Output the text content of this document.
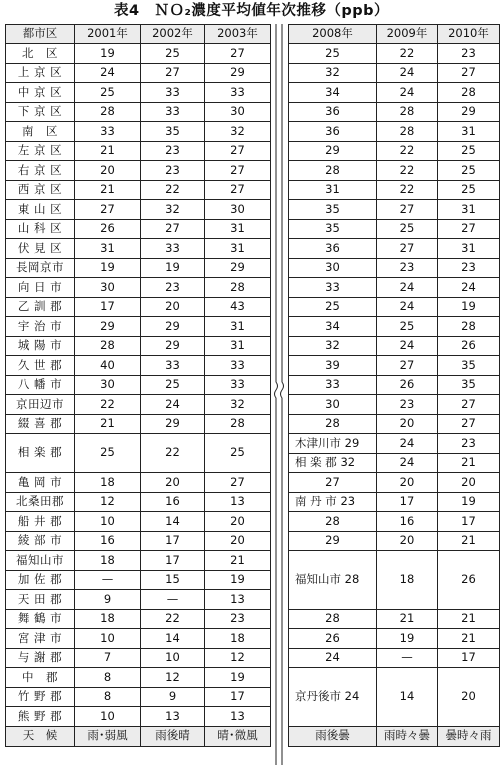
表4　ＮＯ₂濃度平均値年次推移（ppb）
都市区	2001年	2002年	2003年
北　区	19	25	27
上 京 区	24	27	29
中 京 区	25	33	33
下 京 区	28	33	30
南　区	33	35	32
左 京 区	21	23	27
右 京 区	20	23	27
西 京 区	21	22	27
東 山 区	27	32	30
山 科 区	26	27	31
伏 見 区	31	33	31
長岡京市	19	19	29
向 日 市	30	23	28
乙 訓 郡	17	20	43
宇 治 市	29	29	31
城 陽 市	28	29	31
久 世 郡	40	33	33
八 幡 市	30	25	33
京田辺市	22	24	32
綴 喜 郡	21	29	28
相 楽 郡	25	22	25
亀 岡 市	18	20	27
北桑田郡	12	16	13
船 井 郡	10	14	20
綾 部 市	16	17	20
福知山市	18	17	21
加 佐 郡	—	15	19
天 田 郡	9	—	13
舞 鶴 市	18	22	23
宮 津 市	10	14	18
与 謝 郡	7	10	12
中　郡	8	12	19
竹 野 郡	8	9	17
熊 野 郡	10	13	13
天　候	雨･弱風	雨後晴	晴･微風
2008年	2009年	2010年
25	22	23
32	24	27
34	24	28
36	28	29
36	28	31
29	22	25
28	22	25
31	22	25
35	27	31
35	25	27
36	27	31
30	23	23
33	24	24
25	24	19
34	25	28
32	24	26
39	27	35
33	26	35
30	23	27
28	20	27
木津川市 29	24	23
相 楽 郡 32	24	21
27	20	20
南 丹 市 23	17	19
28	16	17
29	20	21
福知山市 28	18	26

28	21	21
26	19	21
24	—	17
京丹後市 24	14	20

雨後曇	雨時々曇	曇時々雨
